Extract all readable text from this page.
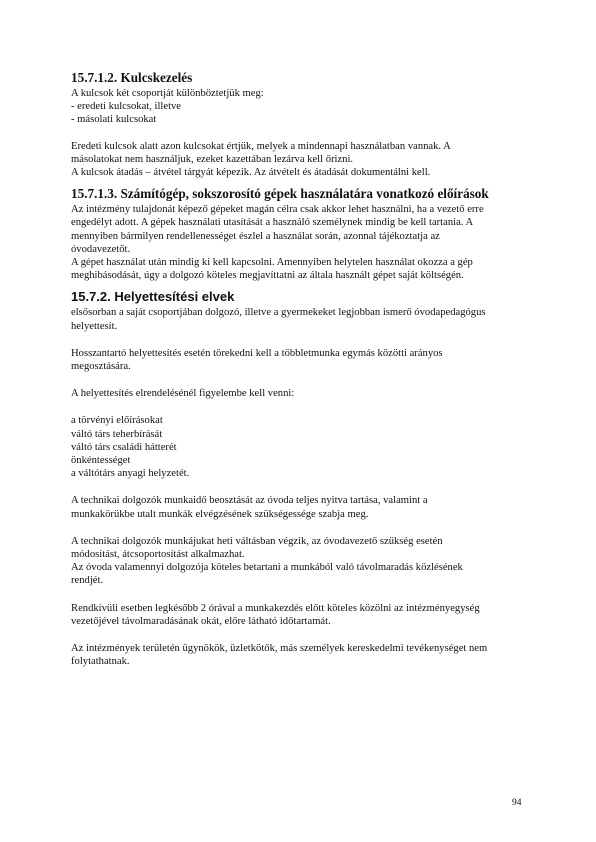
15.7.1.2. Kulcskezelés
A kulcsok két csoportját különböztetjük meg:
- eredeti kulcsokat, illetve
- másolati kulcsokat
Eredeti kulcsok alatt azon kulcsokat értjük, melyek a mindennapi használatban vannak. A
másolatokat nem használjuk, ezeket kazettában lezárva kell őrizni.
A kulcsok átadás – átvétel tárgyát képezik. Az átvételt és átadását dokumentálni kell.
15.7.1.3. Számítógép, sokszorosító gépek használatára vonatkozó előírások
Az intézmény tulajdonát képező gépeket magán célra csak akkor lehet használni, ha a vezető erre
engedélyt adott. A gépek használati utasítását a használó személynek mindig be kell tartania. A
mennyiben bármilyen rendellenességet észlel a használat során, azonnal tájékoztatja az
óvodavezetőt.
A gépet használat után mindig ki kell kapcsolni. Amennyiben helytelen használat okozza a gép
meghibásodását, úgy a dolgozó köteles megjavíttatni az általa használt gépet saját költségén.
15.7.2. Helyettesítési elvek
elsősorban a saját csoportjában dolgozó, illetve a gyermekeket legjobban ismerő óvodapedagógus
helyettesít.
Hosszantartó helyettesítés esetén törekedni kell a többletmunka egymás közötti arányos
megosztására.
A helyettesítés elrendelésénél figyelembe kell venni:
a törvényi előírásokat
váltó társ teherbírását
váltó társ családi hátterét
önkéntességet
a váltótárs anyagi helyzetét.
A technikai dolgozók munkaidő beosztását az óvoda teljes nyitva tartása, valamint a
munkakörükbe utalt munkák elvégzésének szükségessége szabja meg.
A technikai dolgozók munkájukat heti váltásban végzik, az óvodavezető szükség esetén
módosítást, átcsoportosítást alkalmazhat.
Az óvoda valamennyi dolgozója köteles betartani a munkából való távolmaradás közlésének
rendjét.
Rendkívüli esetben legkésőbb 2 órával a munkakezdés előtt köteles közölni az intézményegység
vezetőjével távolmaradásának okát, előre látható időtartamát.
Az intézmények területén ügynökök, üzletkötők, más személyek kereskedelmi tevékenységet nem
folytathatnak.
94
